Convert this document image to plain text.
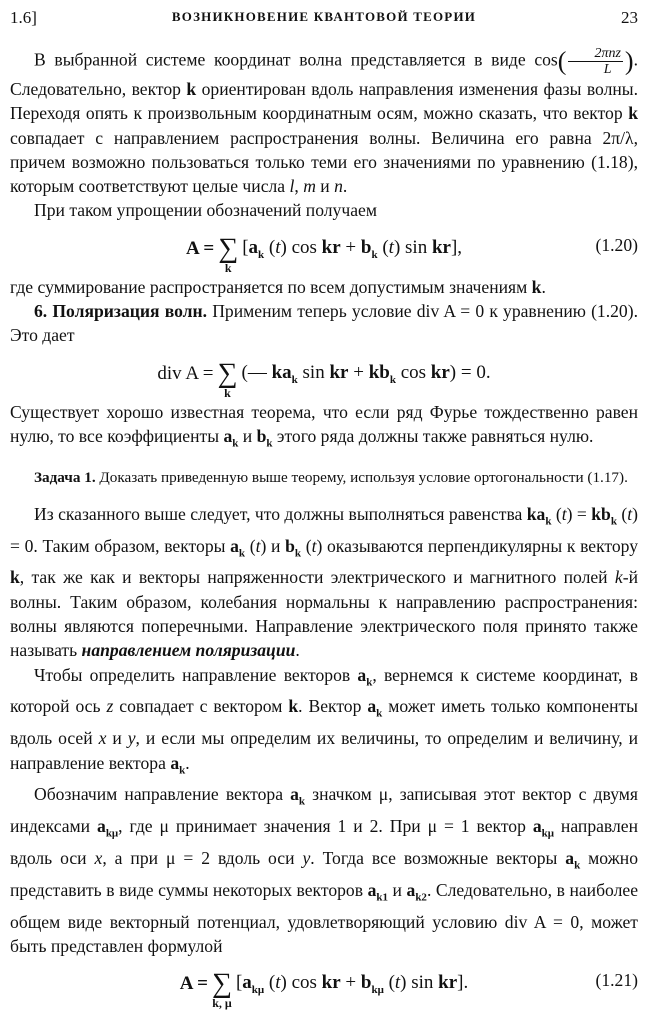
1.6]	ВОЗНИКНОВЕНИЕ КВАНТОВОЙ ТЕОРИИ	23

В выбранной системе координат волна представляется в виде $\cos( \frac{\text{2πnz}}{L}$ ). Следовательно, вектор k ориентирован вдоль направления изменения фазы волны. Переходя опять к произвольным координатным осям, можно сказать, что вектор k совпадает с направлением распространения волны. Величина его равна 2π/λ, причем возможно пользоваться только теми его значениями по уравнению (1.18), которым соответствуют целые числа l, m и n.

При таком упрощении обозначений получаем

A = ∑
k
[$a_k$ (t) cos kr + $b_k$ (t) sin kr],	(1.20)

где суммирование распространяется по всем допустимым значениям k.

6. Поляризация волн. Применим теперь условие div A = 0 к уравнению (1.20). Это дает

div A = ∑
k
(— $ka_k$ sin kr + $kb_k$ cos kr) = 0.

Существует хорошо известная теорема, что если ряд Фурье тождественно равен нулю, то все коэффициенты $a_k$ и $b_k$ этого ряда должны также равняться нулю.

Задача 1. Доказать приведенную выше теорему, используя условие ортогональности (1.17).

Из сказанного выше следует, что должны выполняться равенства $ka_k$ $(t) = kb_k$ (t) = 0. Таким образом, векторы $a_k$ (t) и $b_k$ (t) оказываются перпендикулярны к вектору k, так же как и векторы напряженности электрического и магнитного полей k-й волны. Таким образом, колебания нормальны к направлению распространения: волны являются поперечными. Направление электрического поля принято также называть направлением поляризации.

Чтобы определить направление векторов $a_k$, вернемся к системе координат, в которой ось z совпадает с вектором k. Вектор $a_k$ может иметь только компоненты вдоль осей x и y, и если мы определим их величины, то определим и величину, и направление вектора $a_k$.

Обозначим направление вектора $a_k$ значком μ, записывая этот вектор с двумя индексами $a_{k\mu}$, где μ принимает значения 1 и 2. При μ = 1 вектор $a_{k\mu}$ направлен вдоль оси x, а при μ = 2 вдоль оси y. Тогда все возможные векторы $a_k$ можно представить в виде суммы некоторых векторов $a_{k1}$ и $a_{k2}$. Следовательно, в наиболее общем виде векторный потенциал, удовлетворяющий условию div A = 0, может быть представлен формулой

A = ∑
k, μ
[$a_{k\mu}$ (t) cos kr + $b_{k\mu}$ (t) sin kr].	(1.21)
